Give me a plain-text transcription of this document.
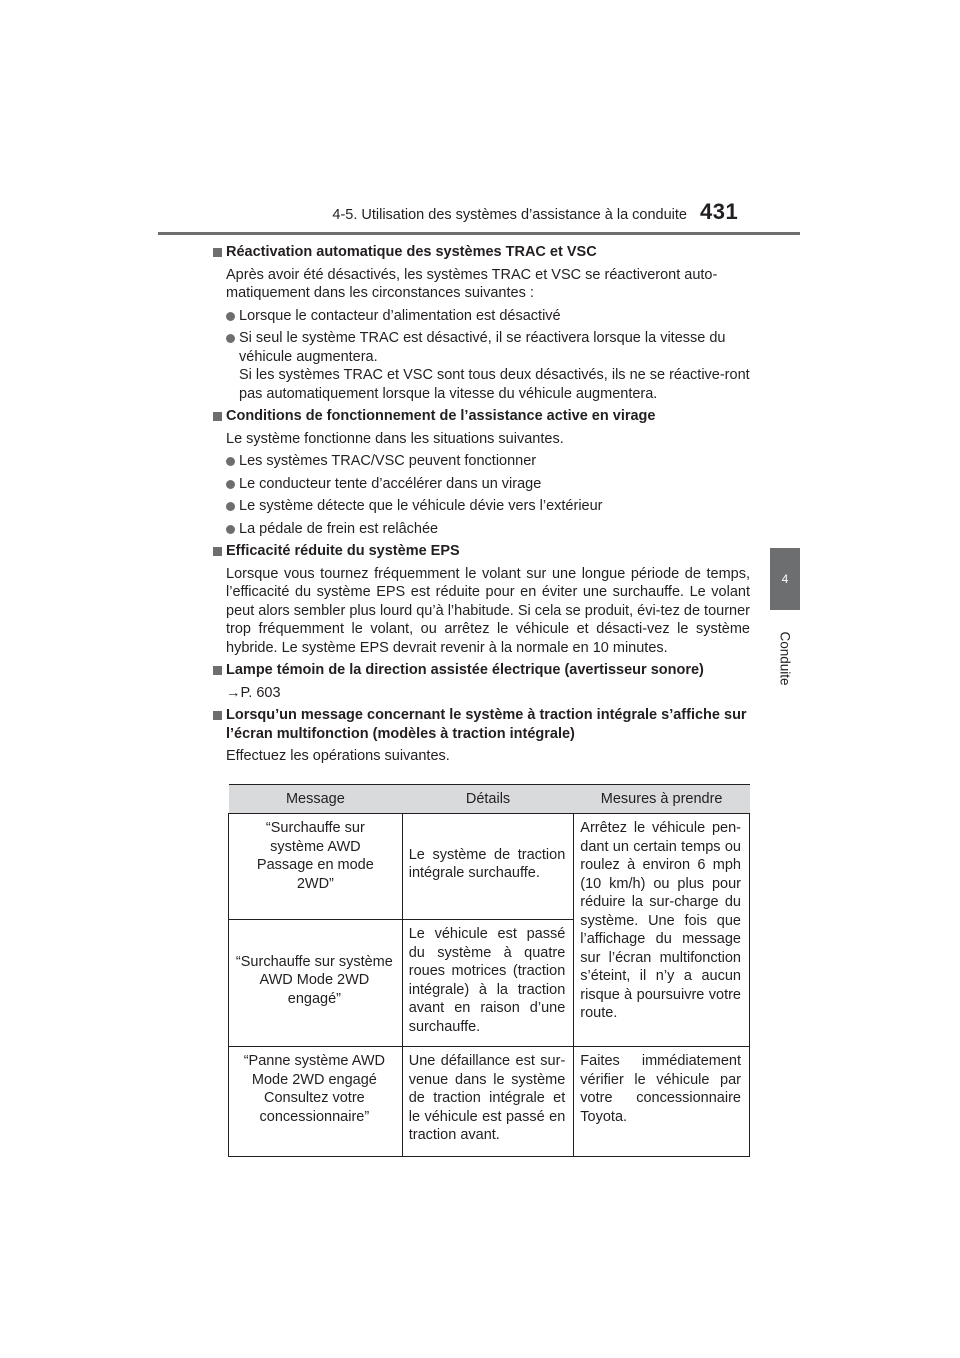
4-5. Utilisation des systèmes d’assistance à la conduite 431
4
Conduite
Réactivation automatique des systèmes TRAC et VSC
Après avoir été désactivés, les systèmes TRAC et VSC se réactiveront auto-matiquement dans les circonstances suivantes :
Lorsque le contacteur d’alimentation est désactivé
Si seul le système TRAC est désactivé, il se réactivera lorsque la vitesse du véhicule augmentera.
Si les systèmes TRAC et VSC sont tous deux désactivés, ils ne se réactive-ront pas automatiquement lorsque la vitesse du véhicule augmentera.
Conditions de fonctionnement de l’assistance active en virage
Le système fonctionne dans les situations suivantes.
Les systèmes TRAC/VSC peuvent fonctionner
Le conducteur tente d’accélérer dans un virage
Le système détecte que le véhicule dévie vers l’extérieur
La pédale de frein est relâchée
Efficacité réduite du système EPS
Lorsque vous tournez fréquemment le volant sur une longue période de temps, l’efficacité du système EPS est réduite pour en éviter une surchauffe. Le volant peut alors sembler plus lourd qu’à l’habitude. Si cela se produit, évi-tez de tourner trop fréquemment le volant, ou arrêtez le véhicule et désacti-vez le système hybride. Le système EPS devrait revenir à la normale en 10 minutes.
Lampe témoin de la direction assistée électrique (avertisseur sonore)
→P. 603
Lorsqu’un message concernant le système à traction intégrale s’affiche sur l’écran multifonction (modèles à traction intégrale)
Effectuez les opérations suivantes.
Message	Détails	Mesures à prendre
“Surchauffe sur système AWD Passage en mode 2WD”	Le système de traction intégrale surchauffe.	Arrêtez le véhicule pen-dant un certain temps ou roulez à environ 6 mph (10 km/h) ou plus pour réduire la sur-charge du système. Une fois que l’affichage du message sur l’écran multifonction s’éteint, il n’y a aucun risque à poursuivre votre route.
“Surchauffe sur système AWD Mode 2WD engagé”	Le véhicule est passé du système à quatre roues motrices (traction intégrale) à la traction avant en raison d’une surchauffe.	
“Panne système AWD Mode 2WD engagé Consultez votre concessionnaire”	Une défaillance est sur-venue dans le système de traction intégrale et le véhicule est passé en traction avant.	Faites immédiatement vérifier le véhicule par votre concessionnaire Toyota.
